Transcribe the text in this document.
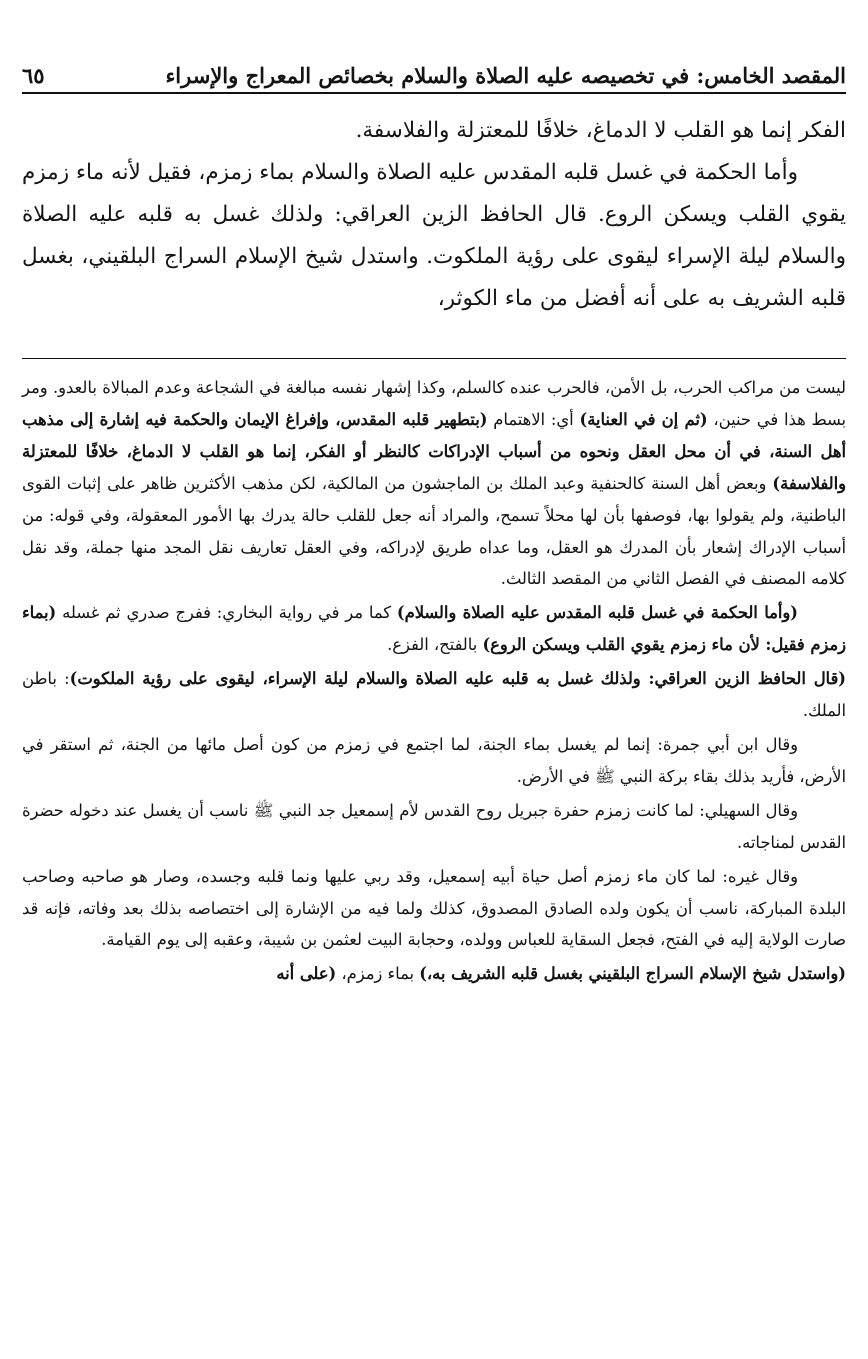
المقصد الخامس: في تخصيصه عليه الصلاة والسلام بخصائص المعراج والإسراء
٦٥

الفكر إنما هو القلب لا الدماغ، خلافًا للمعتزلة والفلاسفة.

وأما الحكمة في غسل قلبه المقدس عليه الصلاة والسلام بماء زمزم، فقيل لأنه ماء زمزم يقوي القلب ويسكن الروع. قال الحافظ الزين العراقي: ولذلك غسل به قلبه عليه الصلاة والسلام ليلة الإسراء ليقوى على رؤية الملكوت. واستدل شيخ الإسلام السراج البلقيني، بغسل قلبه الشريف به على أنه أفضل من ماء الكوثر،

ليست من مراكب الحرب، بل الأمن، فالحرب عنده كالسلم، وكذا إشهار نفسه مبالغة في الشجاعة وعدم المبالاة بالعدو. ومر بسط هذا في حنين، (ثم إن في العناية) أي: الاهتمام (بتطهير قلبه المقدس، وإفراغ الإيمان والحكمة فيه إشارة إلى مذهب أهل السنة، في أن محل العقل ونحوه من أسباب الإدراكات كالنظر أو الفكر، إنما هو القلب لا الدماغ، خلافًا للمعتزلة والفلاسفة) وبعض أهل السنة كالحنفية وعبد الملك بن الماجشون من المالكية، لكن مذهب الأكثرين ظاهر على إثبات القوى الباطنية، ولم يقولوا بها، فوصفها بأن لها محلاً تسمح، والمراد أنه جعل للقلب حالة يدرك بها الأمور المعقولة، وفي قوله: من أسباب الإدراك إشعار بأن المدرك هو العقل، وما عداه طريق لإدراكه، وفي العقل تعاريف نقل المجد منها جملة، وقد نقل كلامه المصنف في الفصل الثاني من المقصد الثالث.

(وأما الحكمة في غسل قلبه المقدس عليه الصلاة والسلام) كما مر في رواية البخاري: ففرج صدري ثم غسله (بماء زمزم فقيل: لأن ماء زمزم يقوي القلب ويسكن الروع) بالفتح، الفزع.

(قال الحافظ الزين العراقي: ولذلك غسل به قلبه عليه الصلاة والسلام ليلة الإسراء، ليقوى على رؤية الملكوت): باطن الملك.

وقال ابن أبي جمرة: إنما لم يغسل بماء الجنة، لما اجتمع في زمزم من كون أصل مائها من الجنة، ثم استقر في الأرض، فأريد بذلك بقاء بركة النبي ﷺ في الأرض.

وقال السهيلي: لما كانت زمزم حفرة جبريل روح القدس لأم إسمعيل جد النبي ﷺ ناسب أن يغسل عند دخوله حضرة القدس لمناجاته.

وقال غيره: لما كان ماء زمزم أصل حياة أبيه إسمعيل، وقد ربي عليها ونما قلبه وجسده، وصار هو صاحبه وصاحب البلدة المباركة، ناسب أن يكون ولده الصادق المصدوق، كذلك ولما فيه من الإشارة إلى اختصاصه بذلك بعد وفاته، فإنه قد صارت الولاية إليه في الفتح، فجعل السقاية للعباس وولده، وحجابة البيت لعثمن بن شيبة، وعقبه إلى يوم القيامة.

(واستدل شيخ الإسلام السراج البلقيني بغسل قلبه الشريف به،) بماء زمزم، (على أنه
